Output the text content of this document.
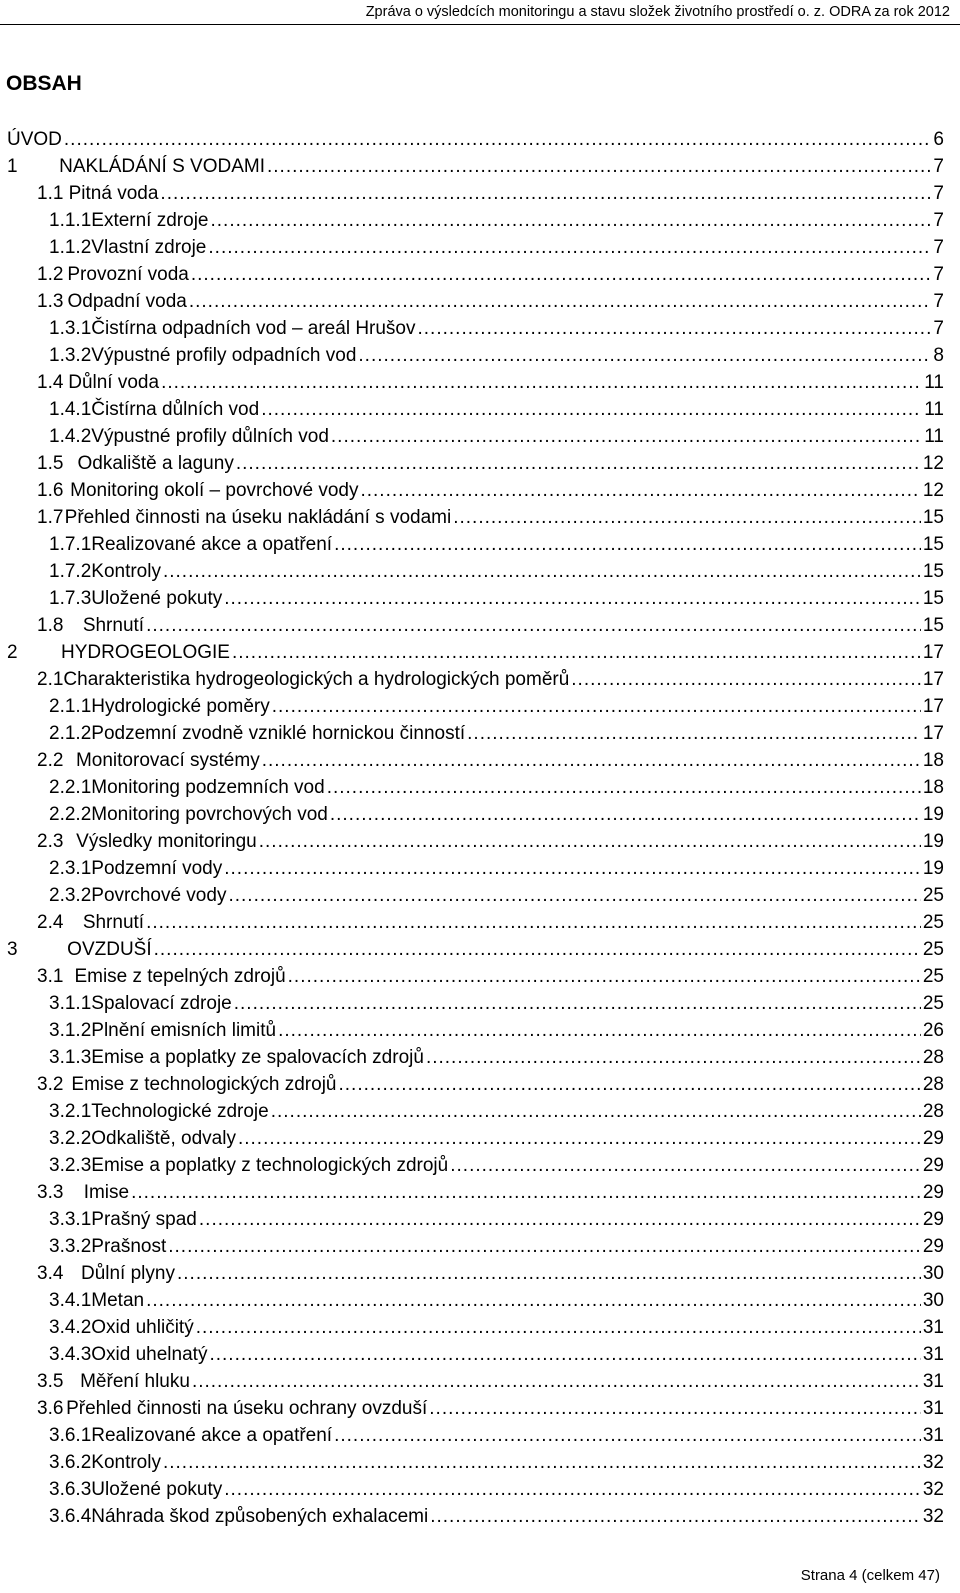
Zpráva o výsledcích monitoringu a stavu složek životního prostředí o. z. ODRA za rok 2012
OBSAH
ÚVOD .....	6
1	NAKLÁDÁNÍ S VODAMI .....	7
1.1 Pitná voda .....	7
1.1.1 Externí zdroje .....	7
1.1.2 Vlastní zdroje .....	7
1.2 Provozní voda .....	7
1.3 Odpadní voda .....	7
1.3.1 Čistírna odpadních vod – areál Hrušov .....	7
1.3.2 Výpustné profily odpadních vod .....	8
1.4 Důlní voda .....	11
1.4.1 Čistírna důlních vod .....	11
1.4.2 Výpustné profily důlních vod .....	11
1.5 Odkaliště a laguny .....	12
1.6 Monitoring okolí – povrchové vody .....	12
1.7 Přehled činnosti na úseku nakládání s vodami .....	15
1.7.1 Realizované akce a opatření .....	15
1.7.2 Kontroly .....	15
1.7.3 Uložené pokuty .....	15
1.8	Shrnutí .....	15
2	HYDROGEOLOGIE .....	17
2.1 Charakteristika hydrogeologických a hydrologických poměrů .....	17
2.1.1 Hydrologické poměry .....	17
2.1.2 Podzemní zvodně vzniklé hornickou činností .....	17
2.2 Monitorovací systémy .....	18
2.2.1 Monitoring podzemních vod .....	18
2.2.2 Monitoring povrchových vod .....	19
2.3 Výsledky monitoringu .....	19
2.3.1 Podzemní vody .....	19
2.3.2 Povrchové vody .....	25
2.4	Shrnutí .....	25
3	OVZDUŠÍ .....	25
3.1 Emise z tepelných zdrojů .....	25
3.1.1 Spalovací zdroje .....	25
3.1.2 Plnění emisních limitů .....	26
3.1.3 Emise a poplatky ze spalovacích zdrojů .....	28
3.2 Emise z technologických zdrojů .....	28
3.2.1 Technologické zdroje .....	28
3.2.2 Odkaliště, odvaly .....	29
3.2.3 Emise a poplatky z technologických zdrojů .....	29
3.3	Imise .....	29
3.3.1 Prašný spad .....	29
3.3.2 Prašnost .....	29
3.4 Důlní plyny .....	30
3.4.1 Metan .....	30
3.4.2 Oxid uhličitý .....	31
3.4.3 Oxid uhelnatý .....	31
3.5 Měření hluku .....	31
3.6 Přehled činnosti na úseku ochrany ovzduší .....	31
3.6.1 Realizované akce a opatření .....	31
3.6.2 Kontroly .....	32
3.6.3 Uložené pokuty .....	32
3.6.4 Náhrada škod způsobených exhalacemi .....	32
Strana 4 (celkem 47)
